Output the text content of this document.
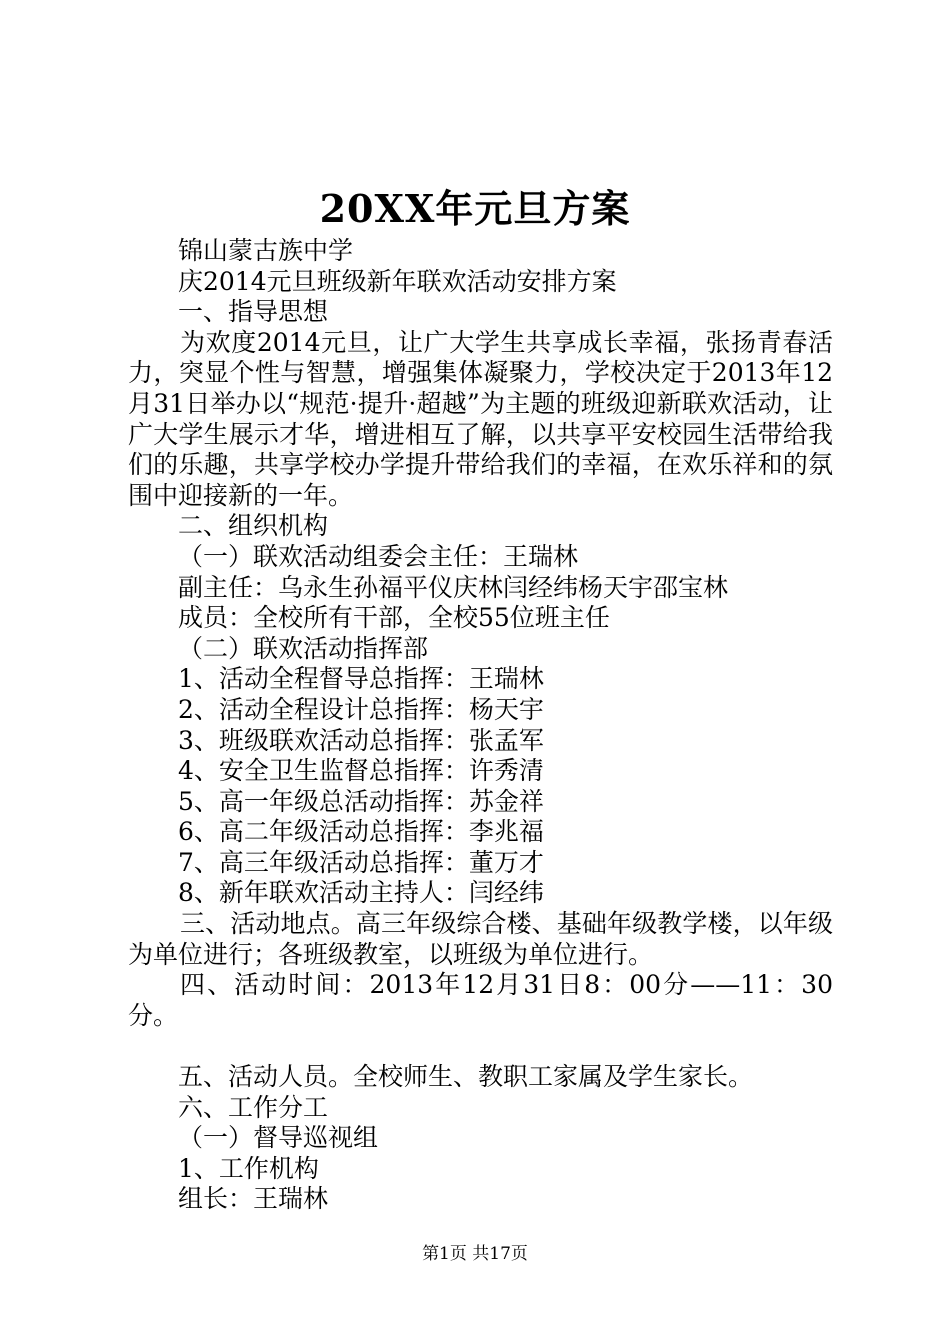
20XX年元旦方案
锦山蒙古族中学
庆2014元旦班级新年联欢活动安排方案
一、指导思想

为欢度2014元旦，让广大学生共享成长幸福，张扬青春活力，突显个性与智慧，增强集体凝聚力，学校决定于2013年12月31日举办以“规范·提升·超越”为主题的班级迎新联欢活动，让广大学生展示才华，增进相互了解，以共享平安校园生活带给我们的乐趣，共享学校办学提升带给我们的幸福，在欢乐祥和的氛围中迎接新的一年。

二、组织机构
（一）联欢活动组委会主任：王瑞林
副主任：乌永生孙福平仪庆林闫经纬杨天宇邵宝林
成员：全校所有干部，全校55位班主任
（二）联欢活动指挥部
1、活动全程督导总指挥：王瑞林
2、活动全程设计总指挥：杨天宇
3、班级联欢活动总指挥：张孟军
4、安全卫生监督总指挥：许秀清
5、高一年级总活动指挥：苏金祥
6、高二年级活动总指挥：李兆福
7、高三年级活动总指挥：董万才
8、新年联欢活动主持人：闫经纬

三、活动地点。高三年级综合楼、基础年级教学楼，以年级为单位进行；各班级教室，以班级为单位进行。

四、活动时间：2013年12月31日8：00分——11：30分。

五、活动人员。全校师生、教职工家属及学生家长。
六、工作分工
（一）督导巡视组
1、工作机构
组长：王瑞林
第1页 共17页
